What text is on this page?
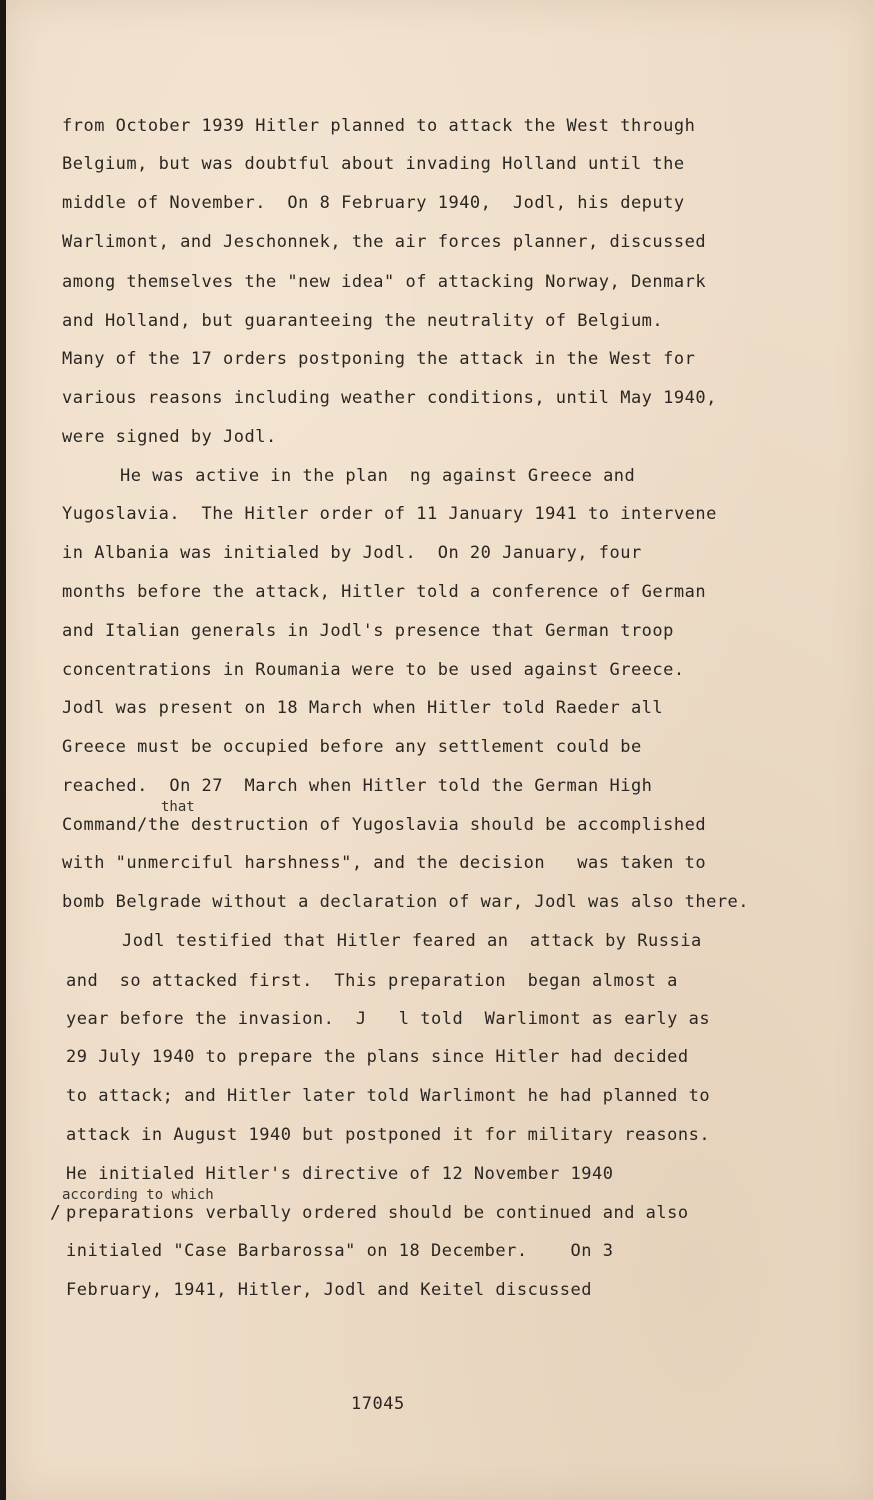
from October 1939 Hitler planned to attack the West through
Belgium, but was doubtful about invading Holland until the
middle of November.  On 8 February 1940,  Jodl, his deputy
Warlimont, and Jeschonnek, the air forces planner, discussed
among themselves the "new idea" of attacking Norway, Denmark
and Holland, but guaranteeing the neutrality of Belgium.
Many of the 17 orders postponing the attack in the West for
various reasons including weather conditions, until May 1940,
were signed by Jodl.
He was active in the plan  ng against Greece and
Yugoslavia.  The Hitler order of 11 January 1941 to intervene
in Albania was initialed by Jodl.  On 20 January, four
months before the attack, Hitler told a conference of German
and Italian generals in Jodl's presence that German troop
concentrations in Roumania were to be used against Greece.
Jodl was present on 18 March when Hitler told Raeder all
Greece must be occupied before any settlement could be
reached.  On 27  March when Hitler told the German High
that
Command/the destruction of Yugoslavia should be accomplished
with "unmerciful harshness", and the decision   was taken to
bomb Belgrade without a declaration of war, Jodl was also there.
Jodl testified that Hitler feared an  attack by Russia
and  so attacked first.  This preparation  began almost a
year before the invasion.  J   l told  Warlimont as early as
29 July 1940 to prepare the plans since Hitler had decided
to attack; and Hitler later told Warlimont he had planned to
attack in August 1940 but postponed it for military reasons.
He initialed Hitler's directive of 12 November 1940
according to which
/ preparations verbally ordered should be continued and also
initialed "Case Barbarossa" on 18 December.    On 3
February, 1941, Hitler, Jodl and Keitel discussed
17045
